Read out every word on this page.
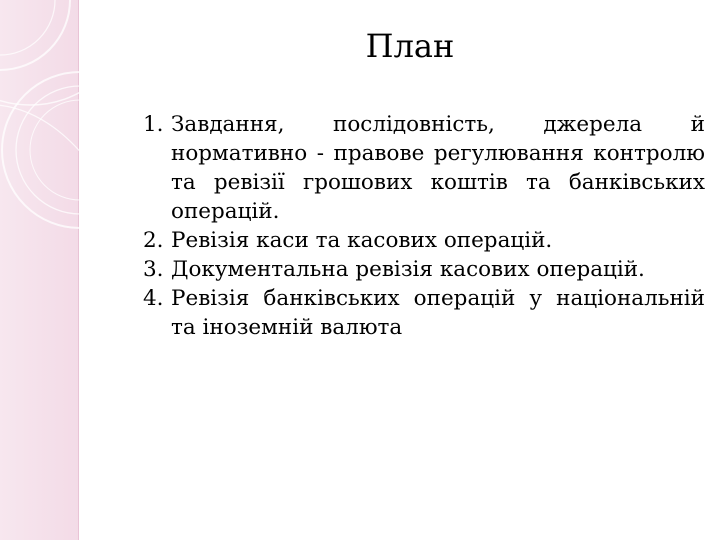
План

1. Завдання, послідовність, джерела й нормативно - правове регулювання контролю та ревізії грошових коштів та банківських операцій.

2. Ревізія каси та касових операцій.

3. Документальна ревізія касових операцій.

4. Ревізія банківських операцій у національній та іноземній валюта
